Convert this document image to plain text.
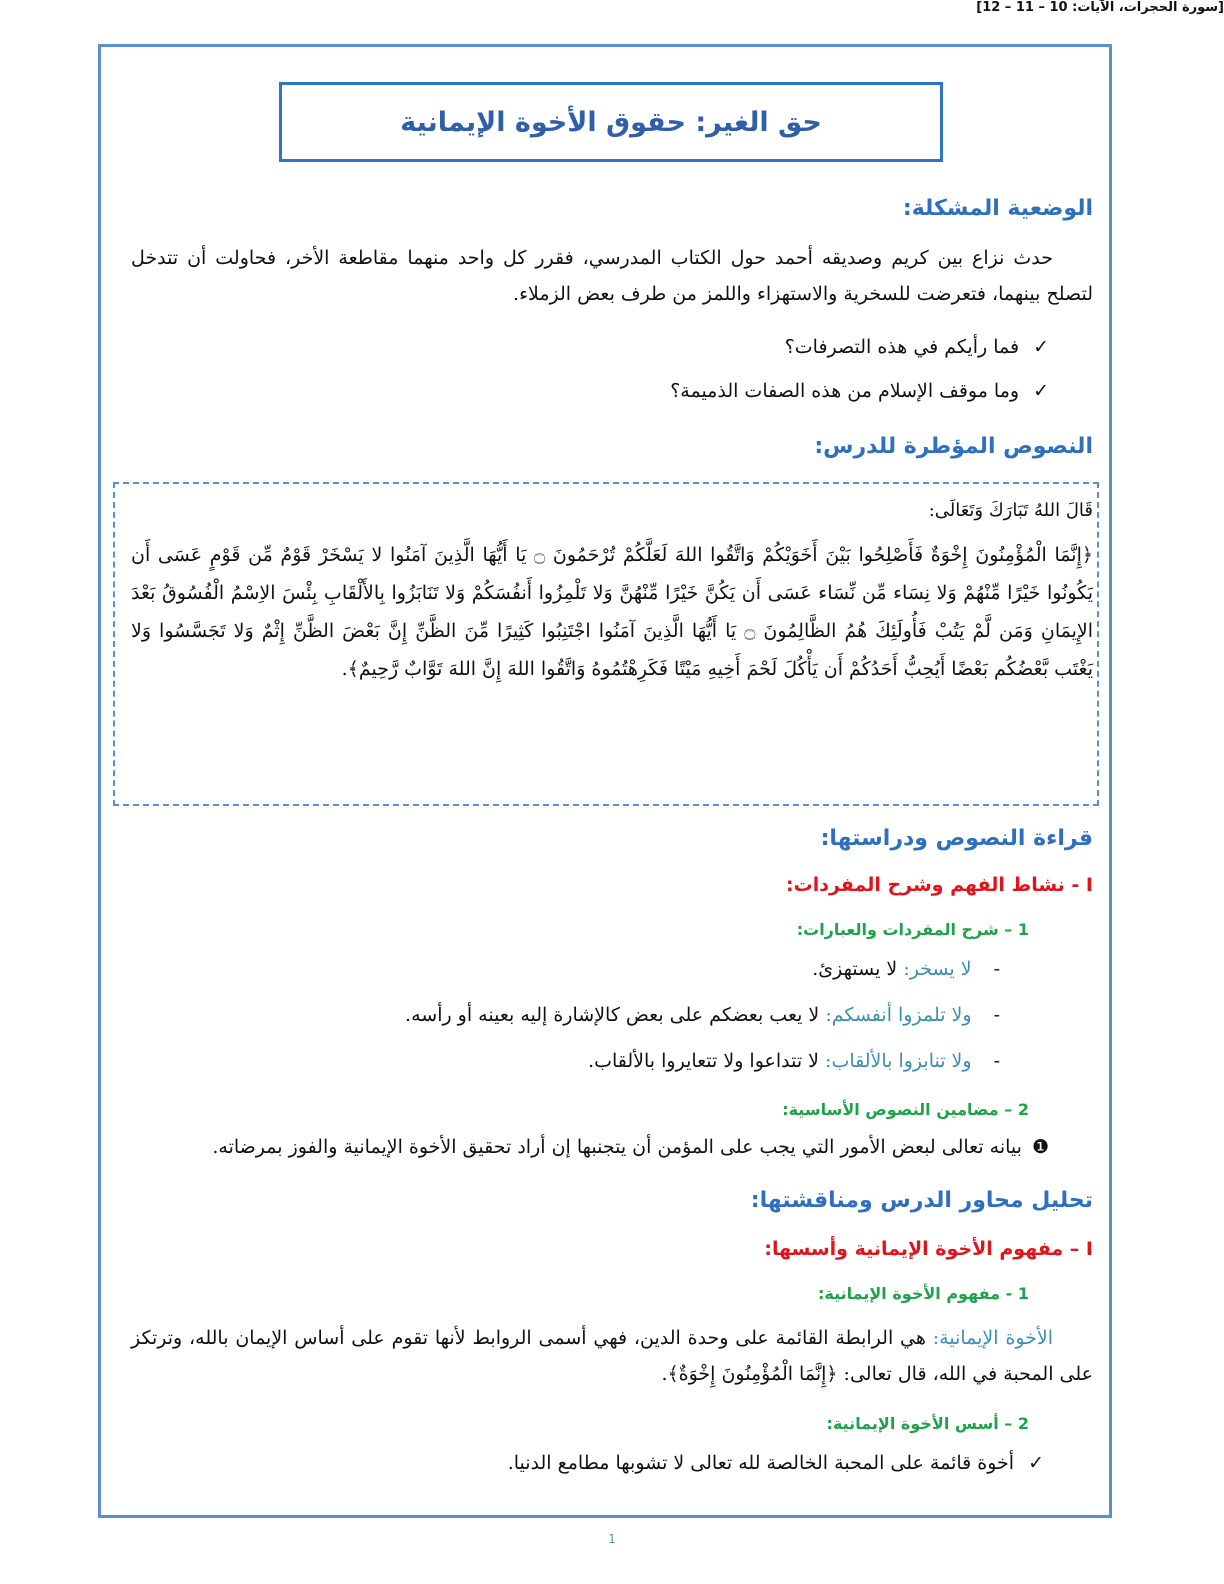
حق الغير: حقوق الأخوة الإيمانية
الوضعية المشكلة:
حدث نزاع بين كريم وصديقه أحمد حول الكتاب المدرسي، فقرر كل واحد منهما مقاطعة الأخر، فحاولت أن تتدخل لتصلح بينهما، فتعرضت للسخرية والاستهزاء واللمز من طرف بعض الزملاء.
✓فما رأيكم في هذه التصرفات؟
✓وما موقف الإسلام من هذه الصفات الذميمة؟
النصوص المؤطرة للدرس:
قَالَ اللهُ تَبَارَكَ وَتَعَالَى:
﴿إِنَّمَا الْمُؤْمِنُونَ إِخْوَةٌ فَأَصْلِحُوا بَيْنَ أَخَوَيْكُمْ وَاتَّقُوا اللهَ لَعَلَّكُمْ تُرْحَمُونَ ۝ يَا أَيُّهَا الَّذِينَ آمَنُوا لا يَسْخَرْ قَوْمٌ مِّن قَوْمٍ عَسَى أَن يَكُونُوا خَيْرًا مِّنْهُمْ وَلا نِسَاء مِّن نِّسَاء عَسَى أَن يَكُنَّ خَيْرًا مِّنْهُنَّ وَلا تَلْمِزُوا أَنفُسَكُمْ وَلا تَنَابَزُوا بِالأَلْقَابِ بِئْسَ الاِسْمُ الْفُسُوقُ بَعْدَ الإِيمَانِ وَمَن لَّمْ يَتُبْ فَأُولَئِكَ هُمُ الظَّالِمُونَ ۝ يَا أَيُّهَا الَّذِينَ آمَنُوا اجْتَنِبُوا كَثِيرًا مِّنَ الظَّنِّ إِنَّ بَعْضَ الظَّنِّ إِثْمٌ وَلا تَجَسَّسُوا وَلا يَغْتَب بَّعْضُكُم بَعْضًا أَيُحِبُّ أَحَدُكُمْ أَن يَأْكُلَ لَحْمَ أَخِيهِ مَيْتًا فَكَرِهْتُمُوهُ وَاتَّقُوا اللهَ إِنَّ اللهَ تَوَّابٌ رَّحِيمٌ﴾.
[سورة الحجرات، الآيات: 10 – 11 – 12]
قراءة النصوص ودراستها:
I - نشاط الفهم وشرح المفردات:
1 – شرح المفردات والعبارات:
-لا يسخر: لا يستهزئ.
-ولا تلمزوا أنفسكم: لا يعب بعضكم على بعض كالإشارة إليه بعينه أو رأسه.
-ولا تنابزوا بالألقاب: لا تتداعوا ولا تتعايروا بالألقاب.
2 – مضامين النصوص الأساسية:
❶بيانه تعالى لبعض الأمور التي يجب على المؤمن أن يتجنبها إن أراد تحقيق الأخوة الإيمانية والفوز بمرضاته.
تحليل محاور الدرس ومناقشتها:
I – مفهوم الأخوة الإيمانية وأسسها:
1 - مفهوم الأخوة الإيمانية:
الأخوة الإيمانية: هي الرابطة القائمة على وحدة الدين، فهي أسمى الروابط لأنها تقوم على أساس الإيمان بالله، وترتكز على المحبة في الله، قال تعالى: ﴿إِنَّمَا الْمُؤْمِنُونَ إِخْوَةٌ﴾.
2 – أسس الأخوة الإيمانية:
✓أخوة قائمة على المحبة الخالصة لله تعالى لا تشوبها مطامع الدنيا.
1
